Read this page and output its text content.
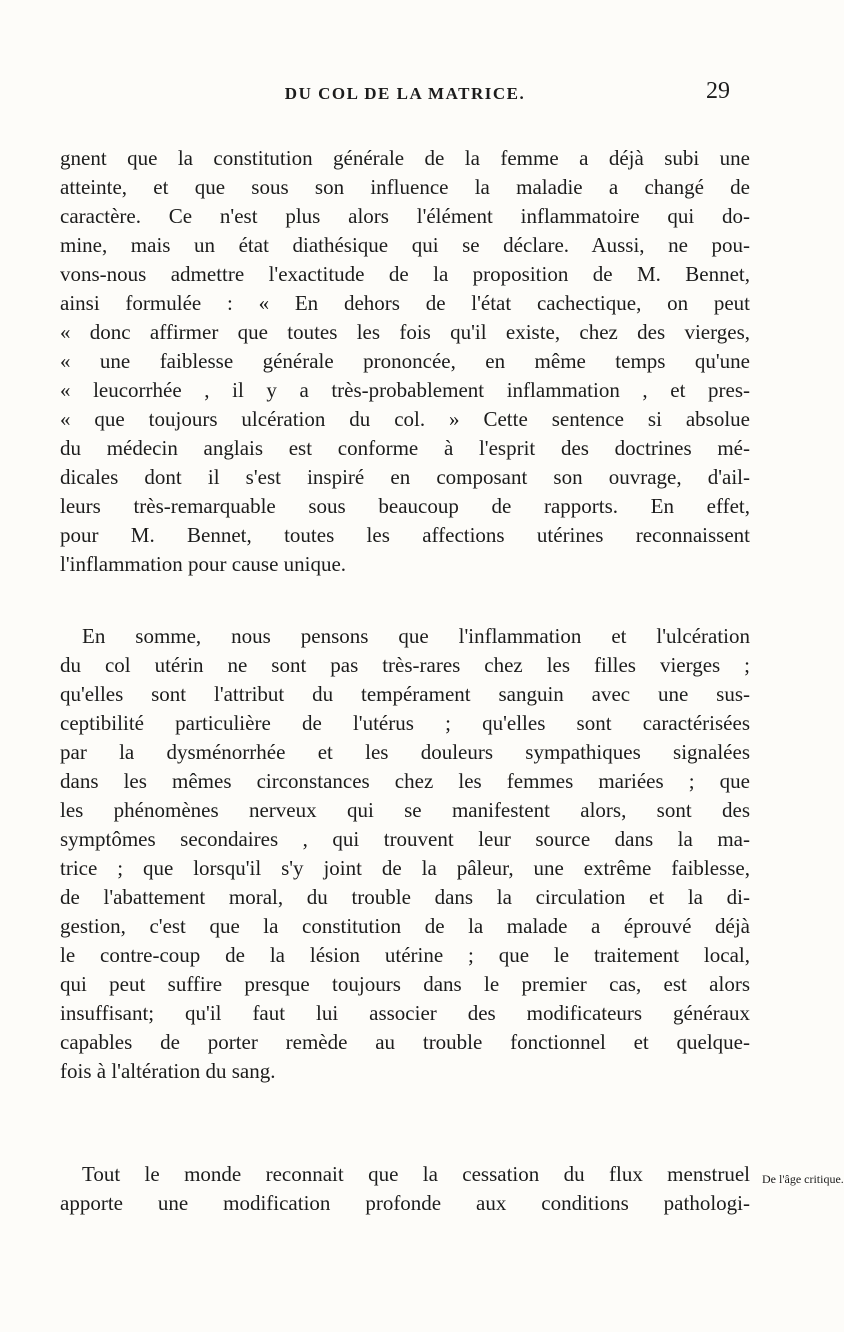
DU COL DE LA MATRICE.	29
gnent que la constitution générale de la femme a déjà subi une
atteinte, et que sous son influence la maladie a changé de
caractère. Ce n'est plus alors l'élément inflammatoire qui do-
mine, mais un état diathésique qui se déclare. Aussi, ne pou-
vons-nous admettre l'exactitude de la proposition de M. Bennet,
ainsi formulée : « En dehors de l'état cachectique, on peut
« donc affirmer que toutes les fois qu'il existe, chez des vierges,
« une faiblesse générale prononcée, en même temps qu'une
« leucorrhée , il y a très-probablement inflammation , et pres-
« que toujours ulcération du col. » Cette sentence si absolue
du médecin anglais est conforme à l'esprit des doctrines mé-
dicales dont il s'est inspiré en composant son ouvrage, d'ail-
leurs très-remarquable sous beaucoup de rapports. En effet,
pour M. Bennet, toutes les affections utérines reconnaissent
l'inflammation pour cause unique.
En somme, nous pensons que l'inflammation et l'ulcération
du col utérin ne sont pas très-rares chez les filles vierges ;
qu'elles sont l'attribut du tempérament sanguin avec une sus-
ceptibilité particulière de l'utérus ; qu'elles sont caractérisées
par la dysménorrhée et les douleurs sympathiques signalées
dans les mêmes circonstances chez les femmes mariées ; que
les phénomènes nerveux qui se manifestent alors, sont des
symptômes secondaires , qui trouvent leur source dans la ma-
trice ; que lorsqu'il s'y joint de la pâleur, une extrême faiblesse,
de l'abattement moral, du trouble dans la circulation et la di-
gestion, c'est que la constitution de la malade a éprouvé déjà
le contre-coup de la lésion utérine ; que le traitement local,
qui peut suffire presque toujours dans le premier cas, est alors
insuffisant; qu'il faut lui associer des modificateurs généraux
capables de porter remède au trouble fonctionnel et quelque-
fois à l'altération du sang.
Tout le monde reconnait que la cessation du flux menstruel
apporte une modification profonde aux conditions pathologi-
De l'âge critique.
